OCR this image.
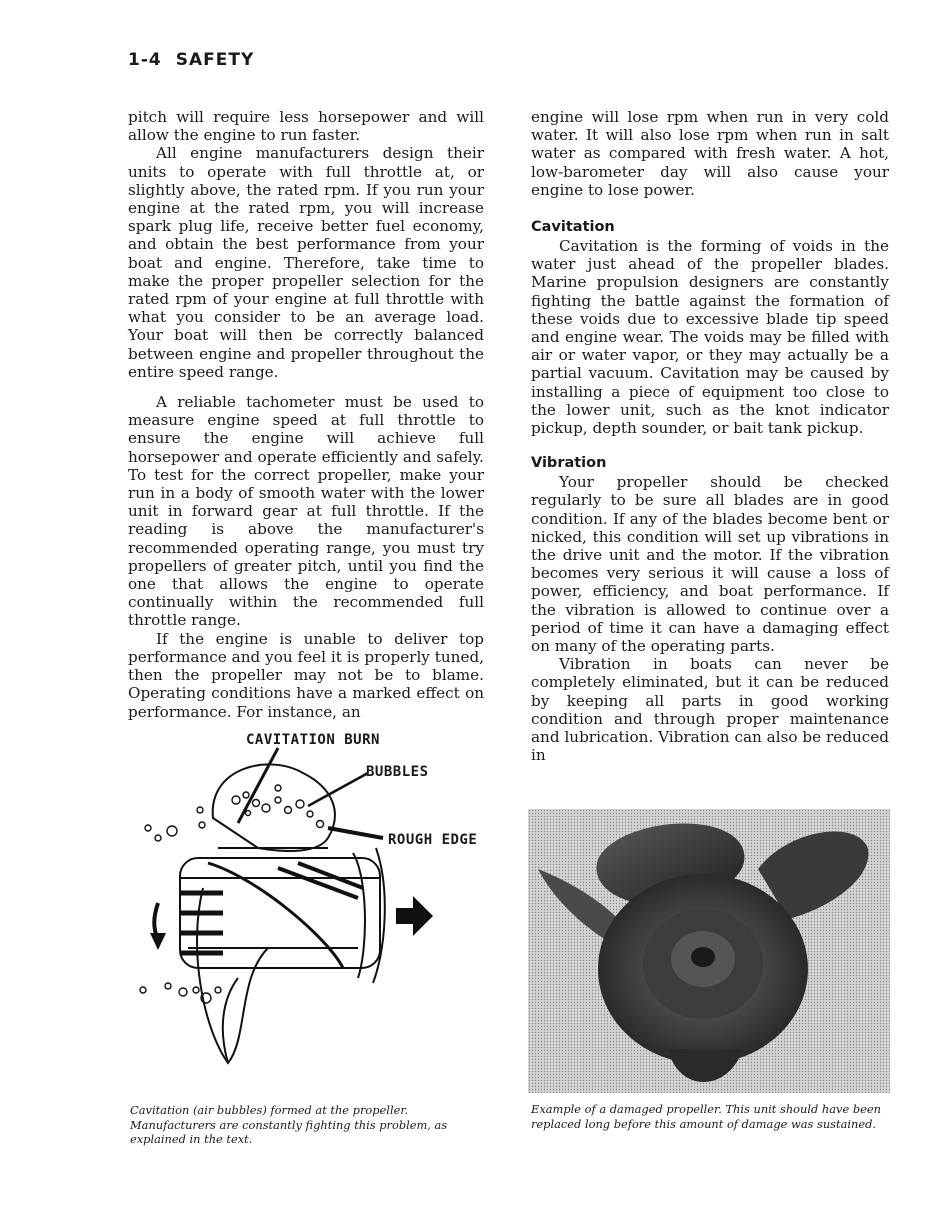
1-4 SAFETY

pitch will require less horsepower and will allow the engine to run faster.

All engine manufacturers design their units to operate with full throttle at, or slightly above, the rated rpm. If you run your engine at the rated rpm, you will increase spark plug life, receive better fuel economy, and obtain the best performance from your boat and engine. Therefore, take time to make the proper propeller selection for the rated rpm of your engine at full throttle with what you consider to be an average load. Your boat will then be correctly balanced between engine and propeller throughout the entire speed range.

A reliable tachometer must be used to measure engine speed at full throttle to ensure the engine will achieve full horsepower and operate efficiently and safely. To test for the correct propeller, make your run in a body of smooth water with the lower unit in forward gear at full throttle. If the reading is above the manufacturer's recommended operating range, you must try propellers of greater pitch, until you find the one that allows the engine to operate continually within the recommended full throttle range.

If the engine is unable to deliver top performance and you feel it is properly tuned, then the propeller may not be to blame. Operating conditions have a marked effect on performance. For instance, an

engine will lose rpm when run in very cold water. It will also lose rpm when run in salt water as compared with fresh water. A hot, low-barometer day will also cause your engine to lose power.

Cavitation

Cavitation is the forming of voids in the water just ahead of the propeller blades. Marine propulsion designers are constantly fighting the battle against the formation of these voids due to excessive blade tip speed and engine wear. The voids may be filled with air or water vapor, or they may actually be a partial vacuum. Cavitation may be caused by installing a piece of equipment too close to the lower unit, such as the knot indicator pickup, depth sounder, or bait tank pickup.

Vibration

Your propeller should be checked regularly to be sure all blades are in good condition. If any of the blades become bent or nicked, this condition will set up vibrations in the drive unit and the motor. If the vibration becomes very serious it will cause a loss of power, efficiency, and boat performance. If the vibration is allowed to continue over a period of time it can have a damaging effect on many of the operating parts.

Vibration in boats can never be completely eliminated, but it can be reduced by keeping all parts in good working condition and through proper maintenance and lubrication. Vibration can also be reduced in

CAVITATION BURN
BUBBLES
ROUGH EDGE
Cavitation (air bubbles) formed at the propeller. Manufacturers are constantly fighting this problem, as explained in the text.
Example of a damaged propeller. This unit should have been replaced long before this amount of damage was sustained.
